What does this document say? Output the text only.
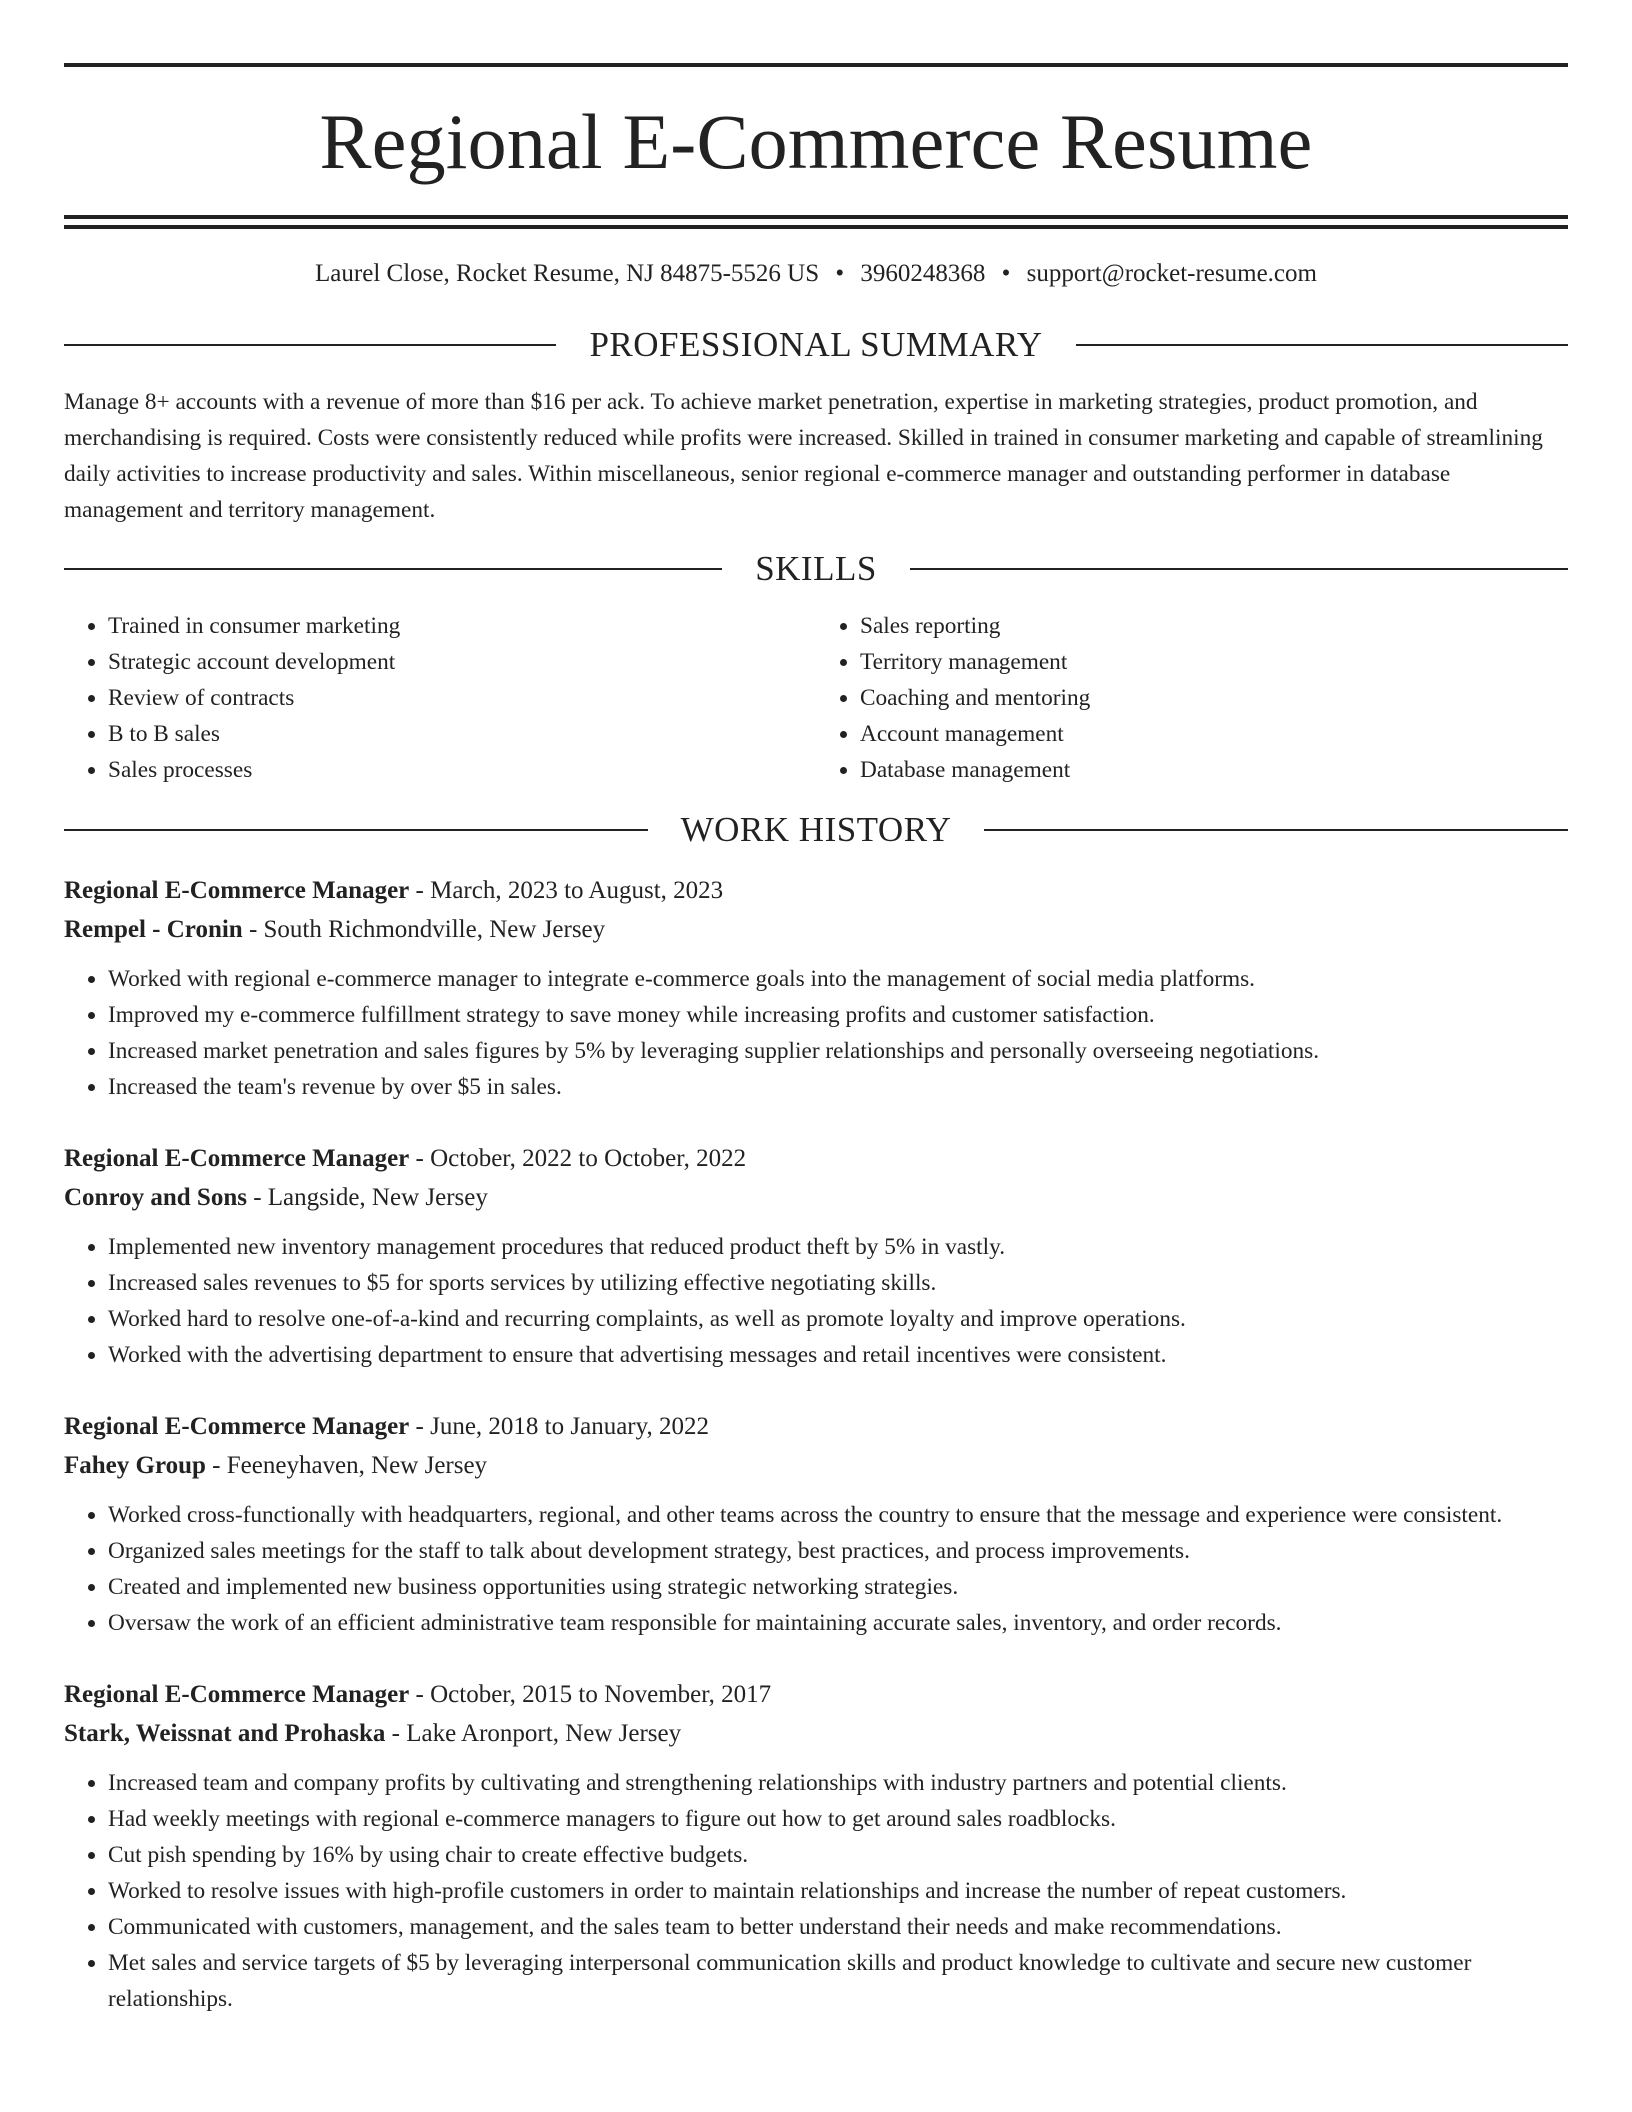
Regional E-Commerce Resume
Laurel Close, Rocket Resume, NJ 84875-5526 US • 3960248368 • support@rocket-resume.com
PROFESSIONAL SUMMARY

Manage 8+ accounts with a revenue of more than $16 per ack. To achieve market penetration, expertise in marketing strategies, product promotion, and merchandising is required. Costs were consistently reduced while profits were increased. Skilled in trained in consumer marketing and capable of streamlining daily activities to increase productivity and sales. Within miscellaneous, senior regional e-commerce manager and outstanding performer in database management and territory management.

SKILLS
• Trained in consumer marketing
• Strategic account development
• Review of contracts
• B to B sales
• Sales processes
• Sales reporting
• Territory management
• Coaching and mentoring
• Account management
• Database management
WORK HISTORY
Regional E-Commerce Manager - March, 2023 to August, 2023
Rempel - Cronin - South Richmondville, New Jersey
• Worked with regional e-commerce manager to integrate e-commerce goals into the management of social media platforms.
• Improved my e-commerce fulfillment strategy to save money while increasing profits and customer satisfaction.
• Increased market penetration and sales figures by 5% by leveraging supplier relationships and personally overseeing negotiations.
• Increased the team's revenue by over $5 in sales.
Regional E-Commerce Manager - October, 2022 to October, 2022
Conroy and Sons - Langside, New Jersey
• Implemented new inventory management procedures that reduced product theft by 5% in vastly.
• Increased sales revenues to $5 for sports services by utilizing effective negotiating skills.
• Worked hard to resolve one-of-a-kind and recurring complaints, as well as promote loyalty and improve operations.
• Worked with the advertising department to ensure that advertising messages and retail incentives were consistent.
Regional E-Commerce Manager - June, 2018 to January, 2022
Fahey Group - Feeneyhaven, New Jersey
• Worked cross-functionally with headquarters, regional, and other teams across the country to ensure that the message and experience were consistent.
• Organized sales meetings for the staff to talk about development strategy, best practices, and process improvements.
• Created and implemented new business opportunities using strategic networking strategies.
• Oversaw the work of an efficient administrative team responsible for maintaining accurate sales, inventory, and order records.
Regional E-Commerce Manager - October, 2015 to November, 2017
Stark, Weissnat and Prohaska - Lake Aronport, New Jersey
• Increased team and company profits by cultivating and strengthening relationships with industry partners and potential clients.
• Had weekly meetings with regional e-commerce managers to figure out how to get around sales roadblocks.
• Cut pish spending by 16% by using chair to create effective budgets.
• Worked to resolve issues with high-profile customers in order to maintain relationships and increase the number of repeat customers.
• Communicated with customers, management, and the sales team to better understand their needs and make recommendations.
• Met sales and service targets of $5 by leveraging interpersonal communication skills and product knowledge to cultivate and secure new customer relationships.
